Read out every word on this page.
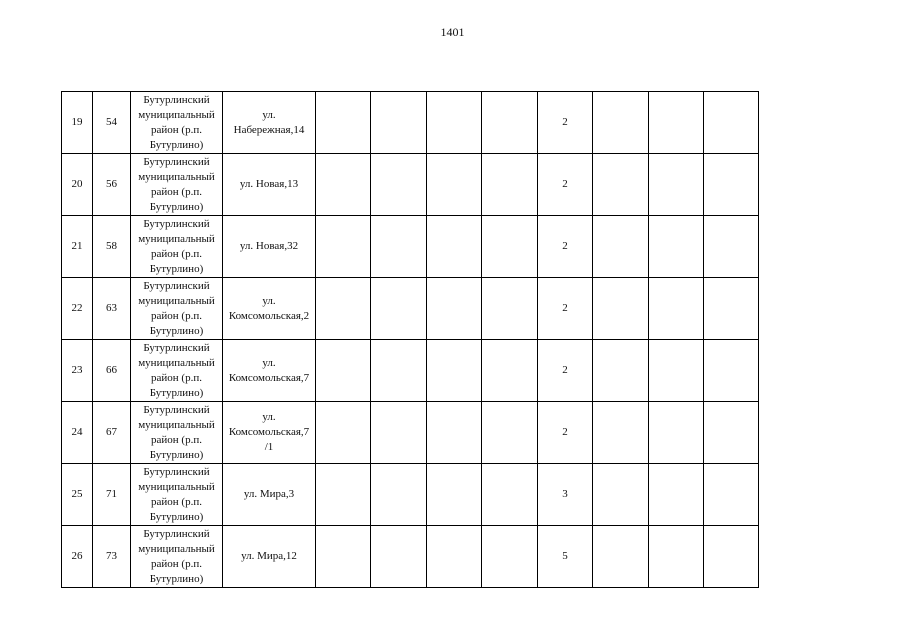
1401
19	54	Бутурлинский муниципальный район (р.п. Бутурлино)	ул.
Набережная,14					2			
20	56	Бутурлинский муниципальный район (р.п. Бутурлино)	ул. Новая,13					2			
21	58	Бутурлинский муниципальный район (р.п. Бутурлино)	ул. Новая,32					2			
22	63	Бутурлинский муниципальный район (р.п. Бутурлино)	ул.
Комсомольская,2					2			
23	66	Бутурлинский муниципальный район (р.п. Бутурлино)	ул.
Комсомольская,7					2			
24	67	Бутурлинский муниципальный район (р.п. Бутурлино)	ул.
Комсомольская,7
/1					2			
25	71	Бутурлинский муниципальный район (р.п. Бутурлино)	ул. Мира,3					3			
26	73	Бутурлинский муниципальный район (р.п. Бутурлино)	ул. Мира,12					5			
